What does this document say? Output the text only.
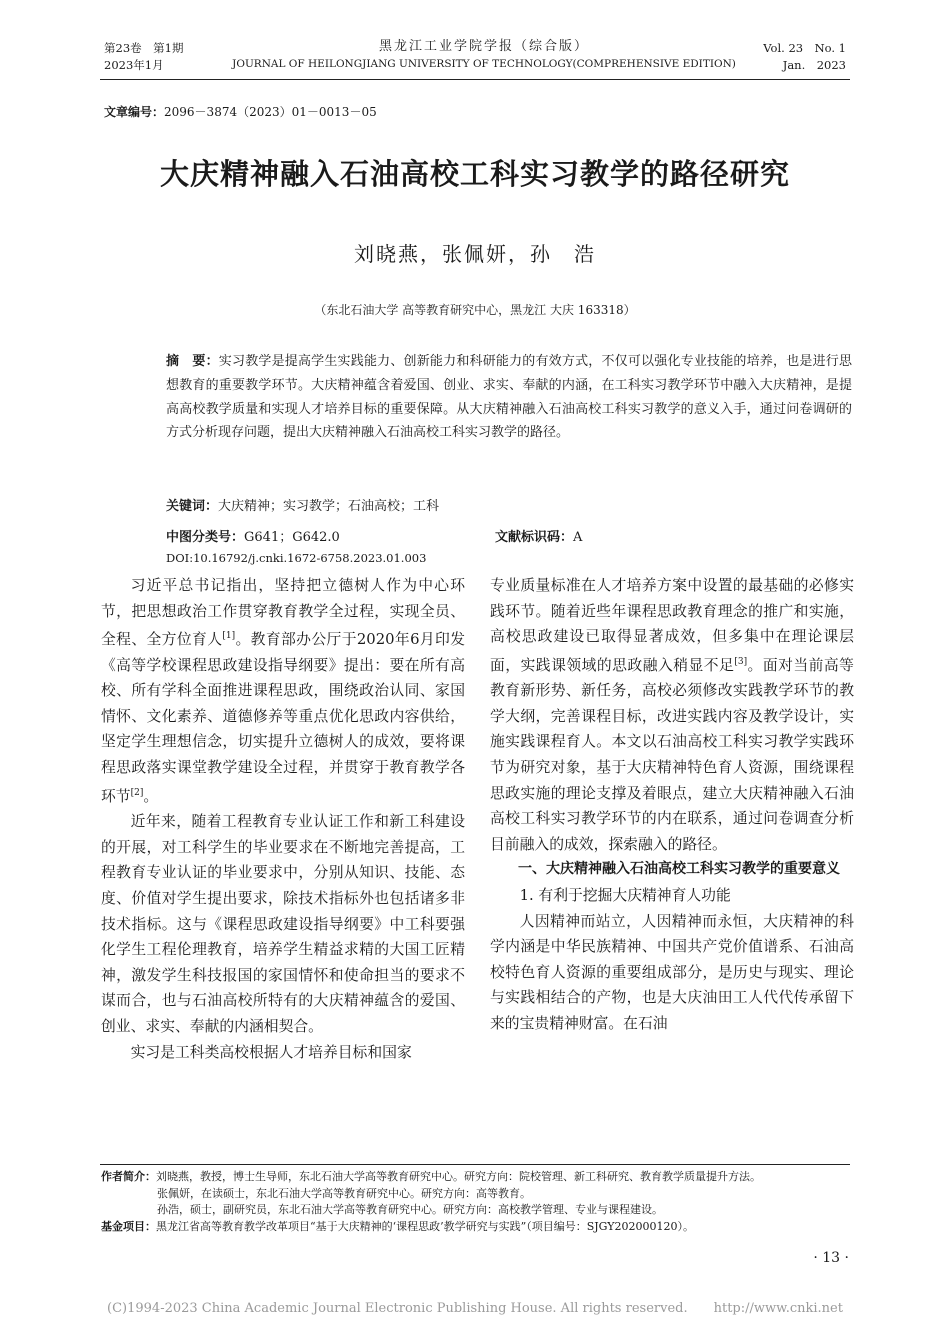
第23卷　第1期
2023年1月
黑龙江工业学院学报（综合版）
JOURNAL OF HEILONGJIANG UNIVERSITY OF TECHNOLOGY(COMPREHENSIVE EDITION)
Vol. 23　No. 1
Jan.　2023
文章编号：2096－3874（2023）01－0013－05
大庆精神融入石油高校工科实习教学的路径研究
刘晓燕，张佩妍，孙　浩
（东北石油大学 高等教育研究中心，黑龙江 大庆 163318）
摘　要：实习教学是提高学生实践能力、创新能力和科研能力的有效方式，不仅可以强化专业技能的培养，也是进行思想教育的重要教学环节。大庆精神蕴含着爱国、创业、求实、奉献的内涵，在工科实习教学环节中融入大庆精神，是提高高校教学质量和实现人才培养目标的重要保障。从大庆精神融入石油高校工科实习教学的意义入手，通过问卷调研的方式分析现存问题，提出大庆精神融入石油高校工科实习教学的路径。
关键词：大庆精神；实习教学；石油高校；工科
中图分类号：G641；G642.0	文献标识码：A
DOI:10.16792/j.cnki.1672-6758.2023.01.003

习近平总书记指出，坚持把立德树人作为中心环节，把思想政治工作贯穿教育教学全过程，实现全员、全程、全方位育人[1]。教育部办公厅于2020年6月印发《高等学校课程思政建设指导纲要》提出：要在所有高校、所有学科全面推进课程思政，围绕政治认同、家国情怀、文化素养、道德修养等重点优化思政内容供给，坚定学生理想信念，切实提升立德树人的成效，要将课程思政落实课堂教学建设全过程，并贯穿于教育教学各环节[2]。

近年来，随着工程教育专业认证工作和新工科建设的开展，对工科学生的毕业要求在不断地完善提高，工程教育专业认证的毕业要求中，分别从知识、技能、态度、价值对学生提出要求，除技术指标外也包括诸多非技术指标。这与《课程思政建设指导纲要》中工科要强化学生工程伦理教育，培养学生精益求精的大国工匠精神，激发学生科技报国的家国情怀和使命担当的要求不谋而合，也与石油高校所特有的大庆精神蕴含的爱国、创业、求实、奉献的内涵相契合。

实习是工科类高校根据人才培养目标和国家

专业质量标准在人才培养方案中设置的最基础的必修实践环节。随着近些年课程思政教育理念的推广和实施，高校思政建设已取得显著成效，但多集中在理论课层面，实践课领域的思政融入稍显不足[3]。面对当前高等教育新形势、新任务，高校必须修改实践教学环节的教学大纲，完善课程目标，改进实践内容及教学设计，实施实践课程育人。本文以石油高校工科实习教学实践环节为研究对象，基于大庆精神特色育人资源，围绕课程思政实施的理论支撑及着眼点，建立大庆精神融入石油高校工科实习教学环节的内在联系，通过问卷调查分析目前融入的成效，探索融入的路径。

一、大庆精神融入石油高校工科实习教学的重要意义
1. 有利于挖掘大庆精神育人功能

人因精神而站立，人因精神而永恒，大庆精神的科学内涵是中华民族精神、中国共产党价值谱系、石油高校特色育人资源的重要组成部分，是历史与现实、理论与实践相结合的产物，也是大庆油田工人代代传承留下来的宝贵精神财富。在石油

作者简介：刘晓燕，教授，博士生导师，东北石油大学高等教育研究中心。研究方向：院校管理、新工科研究、教育教学质量提升方法。
张佩妍，在读硕士，东北石油大学高等教育研究中心。研究方向：高等教育。
孙浩，硕士，副研究员，东北石油大学高等教育研究中心。研究方向：高校教学管理、专业与课程建设。
基金项目：黑龙江省高等教育教学改革项目“基于大庆精神的‘课程思政’教学研究与实践”（项目编号：SJGY202000120）。
· 13 ·
(C)1994-2023 China Academic Journal Electronic Publishing House. All rights reserved.　　http://www.cnki.net
